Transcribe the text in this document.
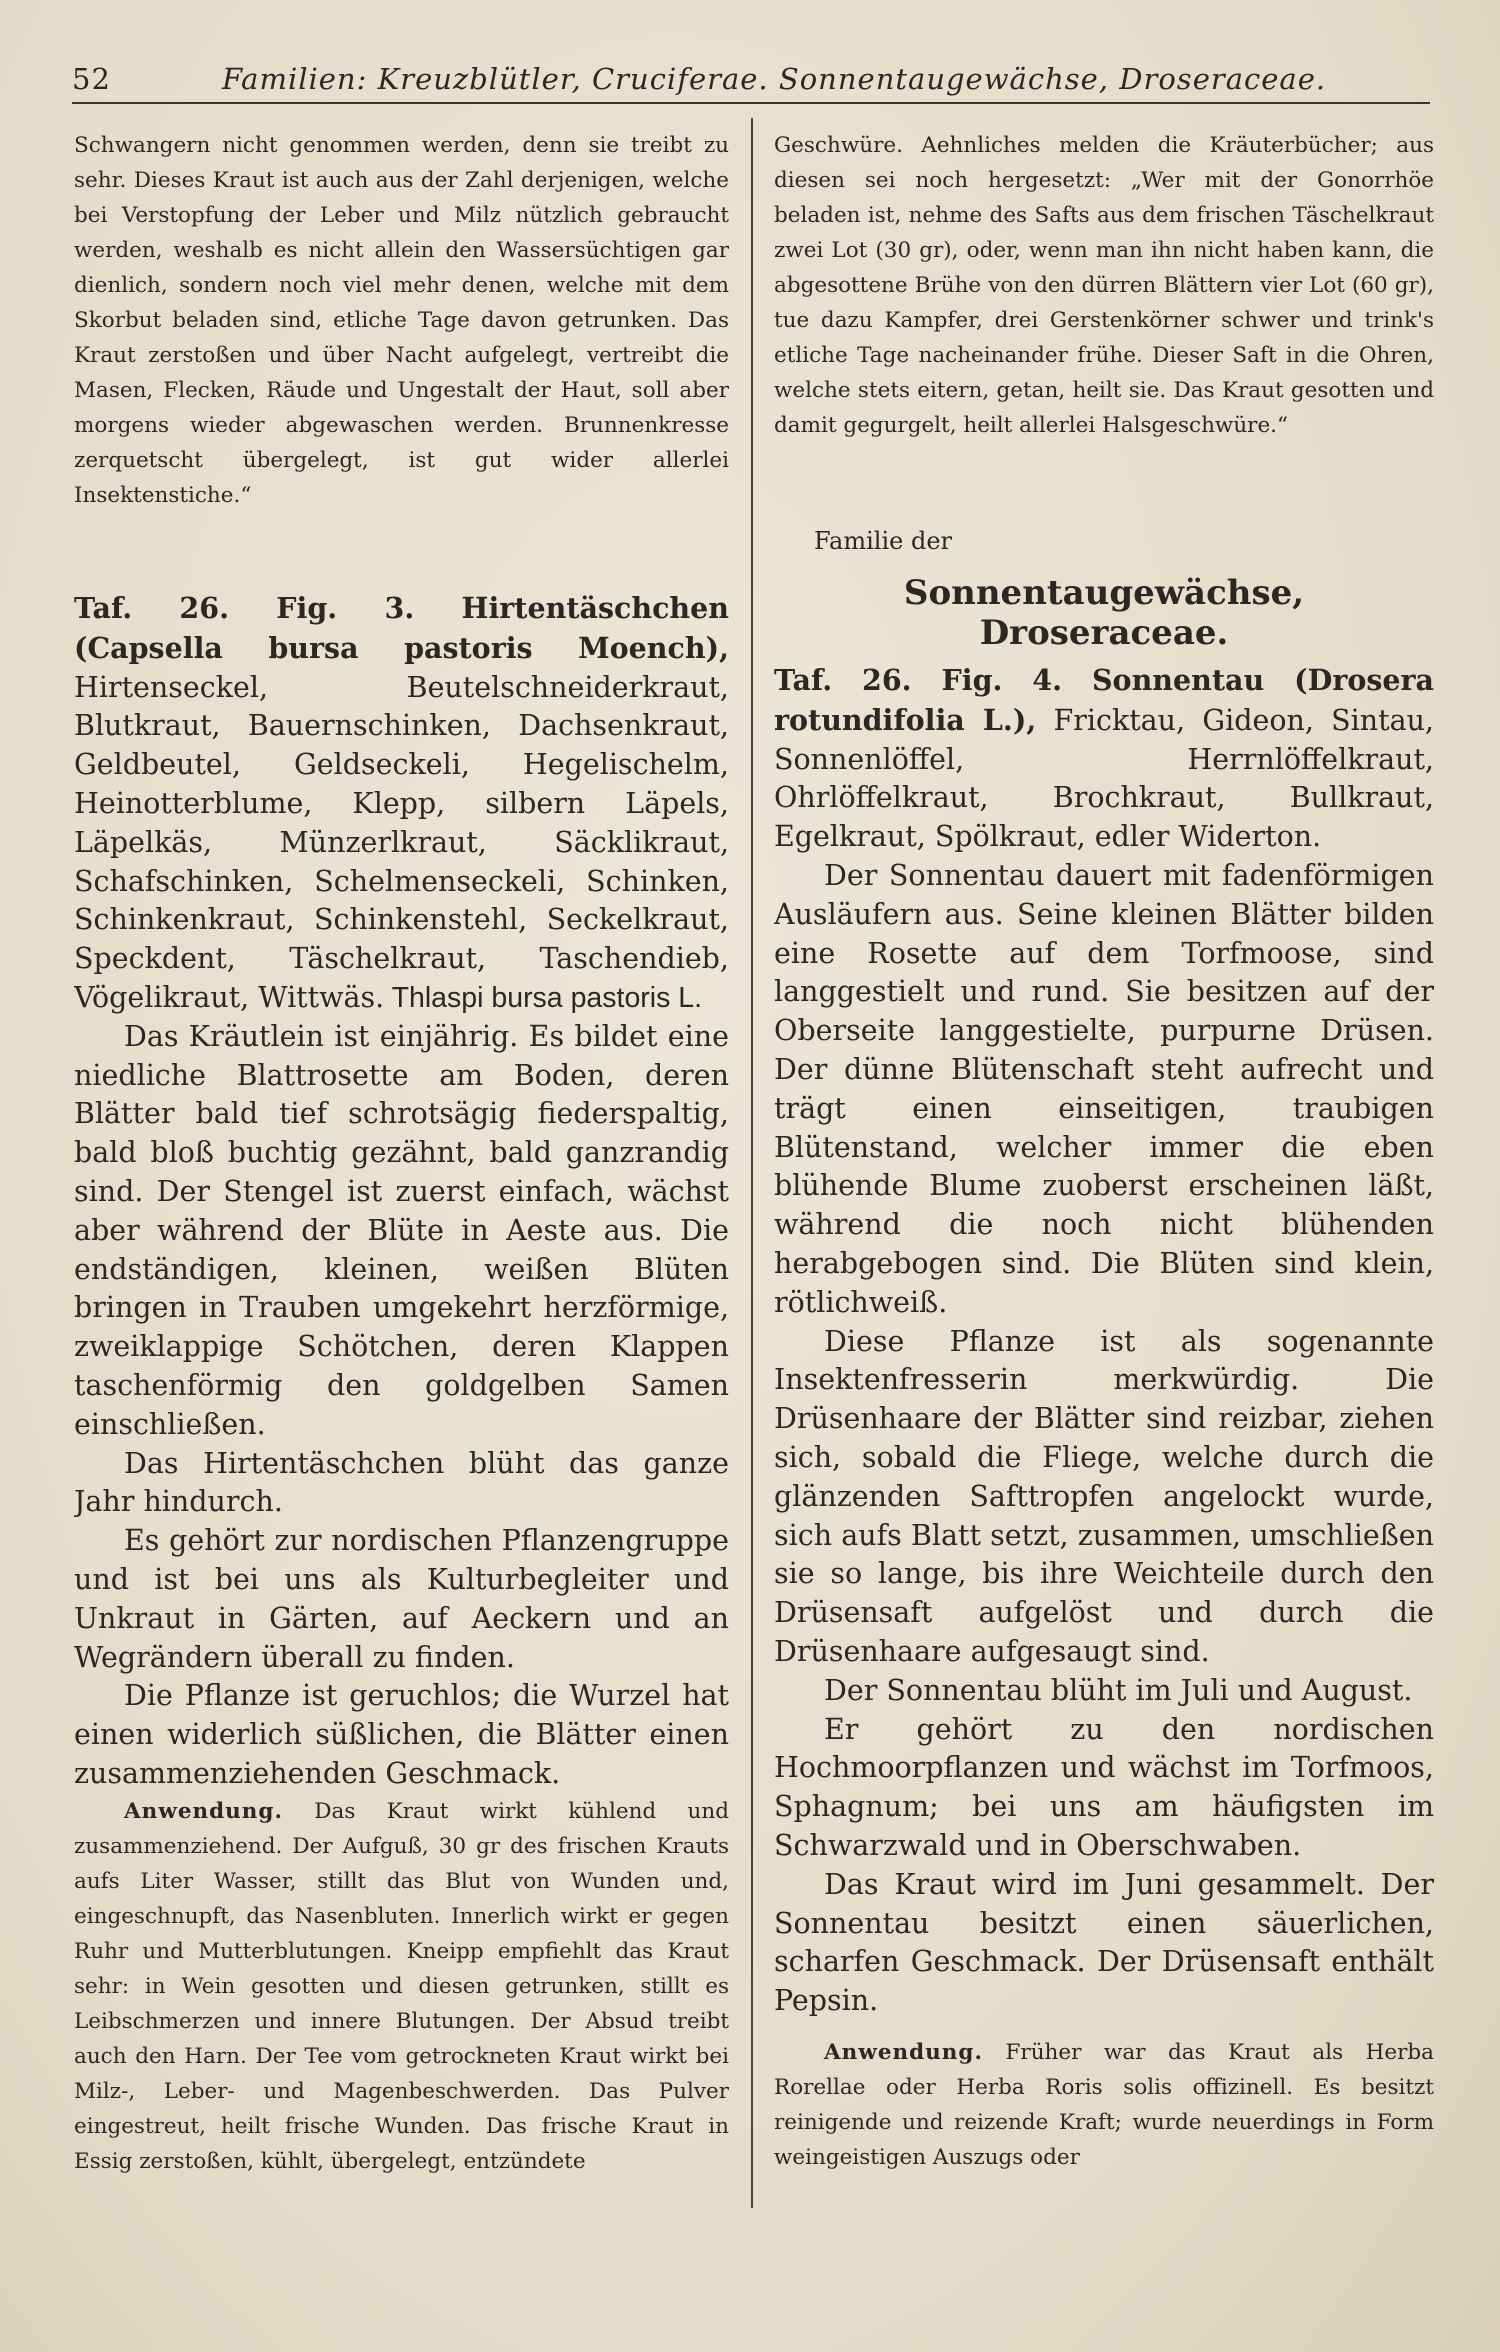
52	Familien: Kreuzblütler, Cruciferae. Sonnentaugewächse, Droseraceae.

Schwangern nicht genommen werden, denn sie treibt zu sehr. Dieses Kraut ist auch aus der Zahl derjenigen, welche bei Verstopfung der Leber und Milz nützlich gebraucht werden, weshalb es nicht allein den Wassersüchtigen gar dienlich, sondern noch viel mehr denen, welche mit dem Skorbut beladen sind, etliche Tage davon getrunken. Das Kraut zerstoßen und über Nacht aufgelegt, vertreibt die Masen, Flecken, Räude und Ungestalt der Haut, soll aber morgens wieder abgewaschen werden. Brunnenkresse zerquetscht übergelegt, ist gut wider allerlei Insektenstiche.“

Taf. 26. Fig. 3. Hirtentäschchen (Capsella bursa pastoris Moench), Hirtenseckel, Beutelschneiderkraut, Blutkraut, Bauernschinken, Dachsenkraut, Geldbeutel, Geldseckeli, Hegelischelm, Heinotterblume, Klepp, silbern Läpels, Läpelkäs, Münzerlkraut, Säcklikraut, Schafschinken, Schelmenseckeli, Schinken, Schinkenkraut, Schinkenstehl, Seckelkraut, Speckdent, Täschelkraut, Taschendieb, Vögelikraut, Wittwäs. Thlaspi bursa pastoris L.

Das Kräutlein ist einjährig. Es bildet eine niedliche Blattrosette am Boden, deren Blätter bald tief schrotsägig fiederspaltig, bald bloß buchtig gezähnt, bald ganzrandig sind. Der Stengel ist zuerst einfach, wächst aber während der Blüte in Aeste aus. Die endständigen, kleinen, weißen Blüten bringen in Trauben umgekehrt herzförmige, zweiklappige Schötchen, deren Klappen taschenförmig den goldgelben Samen einschließen.

Das Hirtentäschchen blüht das ganze Jahr hindurch.

Es gehört zur nordischen Pflanzengruppe und ist bei uns als Kulturbegleiter und Unkraut in Gärten, auf Aeckern und an Wegrändern überall zu finden.

Die Pflanze ist geruchlos; die Wurzel hat einen widerlich süßlichen, die Blätter einen zusammenziehenden Geschmack.

Anwendung. Das Kraut wirkt kühlend und zusammenziehend. Der Aufguß, 30 gr des frischen Krauts aufs Liter Wasser, stillt das Blut von Wunden und, eingeschnupft, das Nasenbluten. Innerlich wirkt er gegen Ruhr und Mutterblutungen. Kneipp empfiehlt das Kraut sehr: in Wein gesotten und diesen getrunken, stillt es Leibschmerzen und innere Blutungen. Der Absud treibt auch den Harn. Der Tee vom getrockneten Kraut wirkt bei Milz-, Leber- und Magenbeschwerden. Das Pulver eingestreut, heilt frische Wunden. Das frische Kraut in Essig zerstoßen, kühlt, übergelegt, entzündete

Geschwüre. Aehnliches melden die Kräuterbücher; aus diesen sei noch hergesetzt: „Wer mit der Gonorrhöe beladen ist, nehme des Safts aus dem frischen Täschelkraut zwei Lot (30 gr), oder, wenn man ihn nicht haben kann, die abgesottene Brühe von den dürren Blättern vier Lot (60 gr), tue dazu Kampfer, drei Gerstenkörner schwer und trink's etliche Tage nacheinander frühe. Dieser Saft in die Ohren, welche stets eitern, getan, heilt sie. Das Kraut gesotten und damit gegurgelt, heilt allerlei Halsgeschwüre.“

Familie der
Sonnentaugewächse, Droseraceae.

Taf. 26. Fig. 4. Sonnentau (Drosera rotundifolia L.), Fricktau, Gideon, Sintau, Sonnenlöffel, Herrnlöffelkraut, Ohrlöffelkraut, Brochkraut, Bullkraut, Egelkraut, Spölkraut, edler Widerton.

Der Sonnentau dauert mit fadenförmigen Ausläufern aus. Seine kleinen Blätter bilden eine Rosette auf dem Torfmoose, sind langgestielt und rund. Sie besitzen auf der Oberseite langgestielte, purpurne Drüsen. Der dünne Blütenschaft steht aufrecht und trägt einen einseitigen, traubigen Blütenstand, welcher immer die eben blühende Blume zuoberst erscheinen läßt, während die noch nicht blühenden herabgebogen sind. Die Blüten sind klein, rötlichweiß.

Diese Pflanze ist als sogenannte Insektenfresserin merkwürdig. Die Drüsenhaare der Blätter sind reizbar, ziehen sich, sobald die Fliege, welche durch die glänzenden Safttropfen angelockt wurde, sich aufs Blatt setzt, zusammen, umschließen sie so lange, bis ihre Weichteile durch den Drüsensaft aufgelöst und durch die Drüsenhaare aufgesaugt sind.

Der Sonnentau blüht im Juli und August.

Er gehört zu den nordischen Hochmoorpflanzen und wächst im Torfmoos, Sphagnum; bei uns am häufigsten im Schwarzwald und in Oberschwaben.

Das Kraut wird im Juni gesammelt. Der Sonnentau besitzt einen säuerlichen, scharfen Geschmack. Der Drüsensaft enthält Pepsin.

Anwendung. Früher war das Kraut als Herba Rorellae oder Herba Roris solis offizinell. Es besitzt reinigende und reizende Kraft; wurde neuerdings in Form weingeistigen Auszugs oder
